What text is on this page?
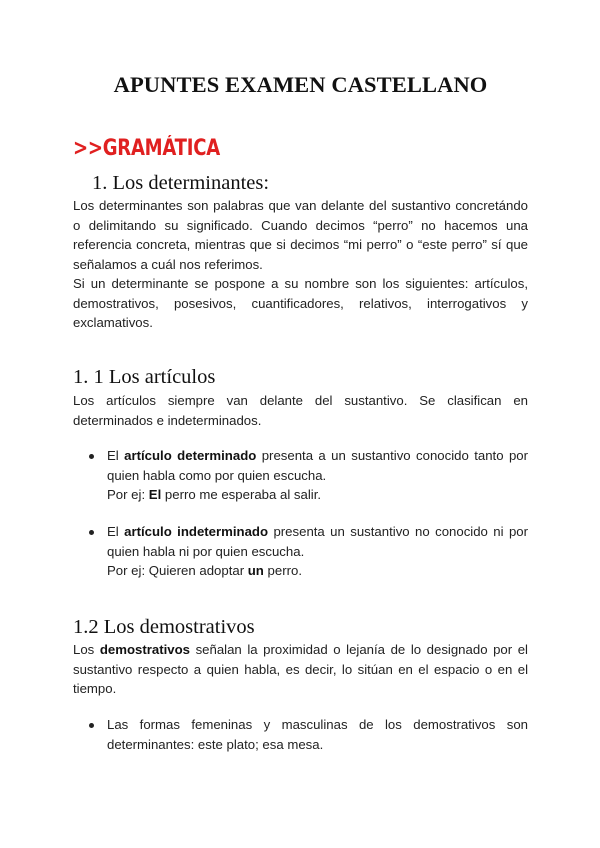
APUNTES EXAMEN CASTELLANO
>>GRAMÁTICA
1. Los determinantes:

Los determinantes son palabras que van delante del sustantivo concretándo o delimitando su significado. Cuando decimos “perro” no hacemos una referencia concreta, mientras que si decimos “mi perro” o “este perro” sí que señalamos a cuál nos referimos.

Si un determinante se pospone a su nombre son los siguientes: artículos, demostrativos, posesivos, cuantificadores, relativos, interrogativos y exclamativos.

1. 1 Los artículos

Los artículos siempre van delante del sustantivo. Se clasifican en determinados e indeterminados.

El artículo determinado presenta a un sustantivo conocido tanto por quien habla como por quien escucha.
Por ej: El perro me esperaba al salir.
El artículo indeterminado presenta un sustantivo no conocido ni por quien habla ni por quien escucha.
Por ej: Quieren adoptar un perro.
1.2 Los demostrativos

Los demostrativos señalan la proximidad o lejanía de lo designado por el sustantivo respecto a quien habla, es decir, lo sitúan en el espacio o en el tiempo.

Las formas femeninas y masculinas de los demostrativos son determinantes: este plato; esa mesa.
